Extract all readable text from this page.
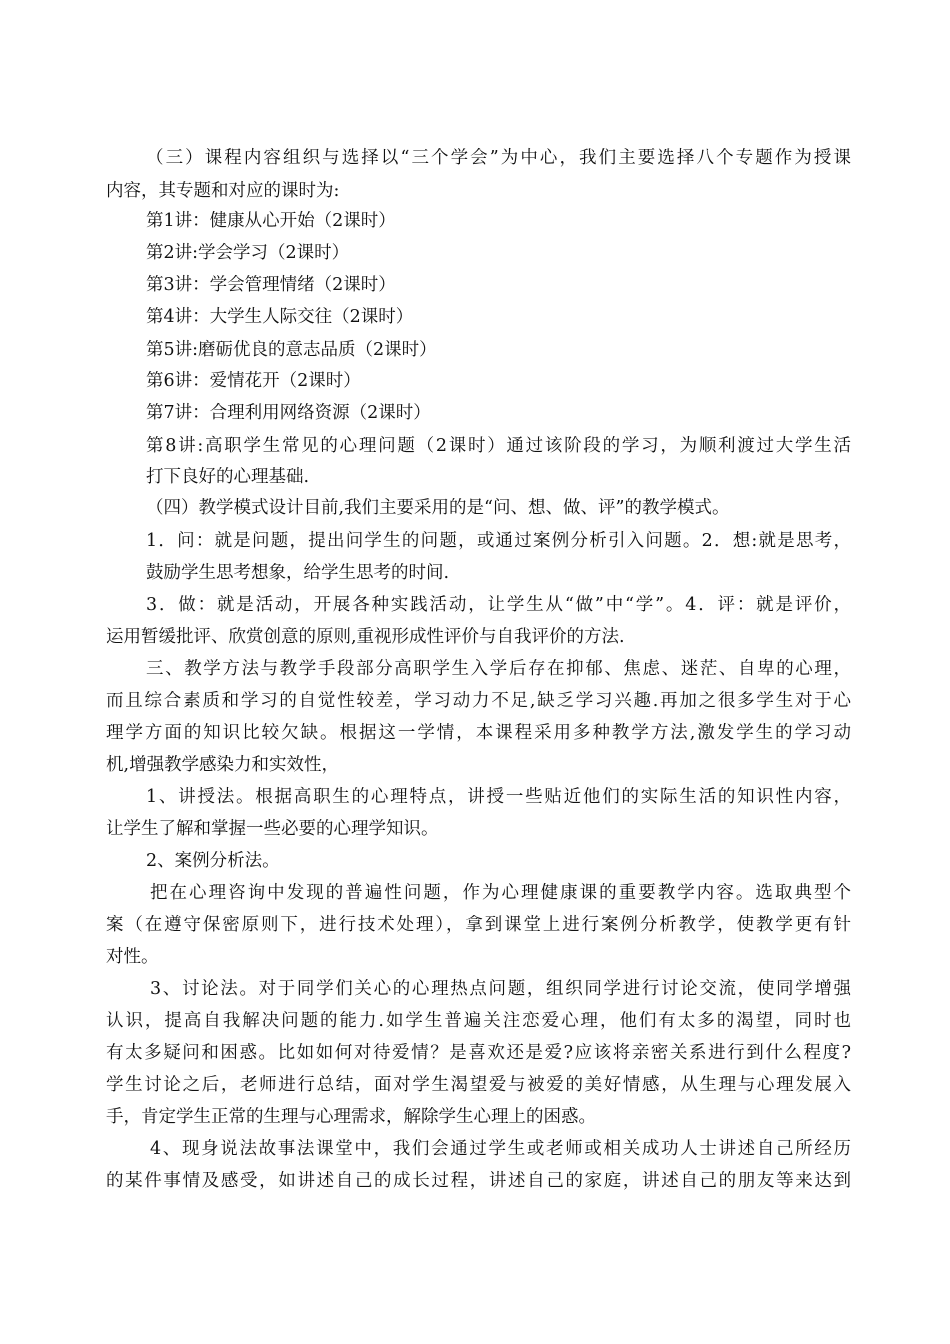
（三）课程内容组织与选择以“三个学会”为中心，我们主要选择八个专题作为授课
内容，其专题和对应的课时为:
第1讲：健康从心开始（2课时）
第2讲:学会学习（2课时）
第3讲：学会管理情绪（2课时）
第4讲：大学生人际交往（2课时）
第5讲:磨砺优良的意志品质（2课时）
第6讲：爱情花开（2课时）
第7讲：合理利用网络资源（2课时）
第8讲:高职学生常见的心理问题（2课时）通过该阶段的学习，为顺利渡过大学生活
打下良好的心理基础.
（四）教学模式设计目前,我们主要采用的是“问、想、做、评”的教学模式。
1．问：就是问题，提出问学生的问题，或通过案例分析引入问题。2．想:就是思考，
鼓励学生思考想象，给学生思考的时间.
3．做：就是活动，开展各种实践活动，让学生从“做”中“学”。4．评：就是评价，
运用暂缓批评、欣赏创意的原则,重视形成性评价与自我评价的方法.
三、教学方法与教学手段部分高职学生入学后存在抑郁、焦虑、迷茫、自卑的心理，
而且综合素质和学习的自觉性较差，学习动力不足,缺乏学习兴趣.再加之很多学生对于心
理学方面的知识比较欠缺。根据这一学情，本课程采用多种教学方法,激发学生的学习动
机,增强教学感染力和实效性，
1、讲授法。根据高职生的心理特点，讲授一些贴近他们的实际生活的知识性内容，
让学生了解和掌握一些必要的心理学知识。
2、案例分析法。
把在心理咨询中发现的普遍性问题，作为心理健康课的重要教学内容。选取典型个
案（在遵守保密原则下，进行技术处理），拿到课堂上进行案例分析教学，使教学更有针
对性。
3、讨论法。对于同学们关心的心理热点问题，组织同学进行讨论交流，使同学增强
认识，提高自我解决问题的能力.如学生普遍关注恋爱心理，他们有太多的渴望，同时也
有太多疑问和困惑。比如如何对待爱情？是喜欢还是爱?应该将亲密关系进行到什么程度?
学生讨论之后，老师进行总结，面对学生渴望爱与被爱的美好情感，从生理与心理发展入
手，肯定学生正常的生理与心理需求，解除学生心理上的困惑。
4、现身说法故事法课堂中，我们会通过学生或老师或相关成功人士讲述自己所经历
的某件事情及感受，如讲述自己的成长过程，讲述自己的家庭，讲述自己的朋友等来达到
